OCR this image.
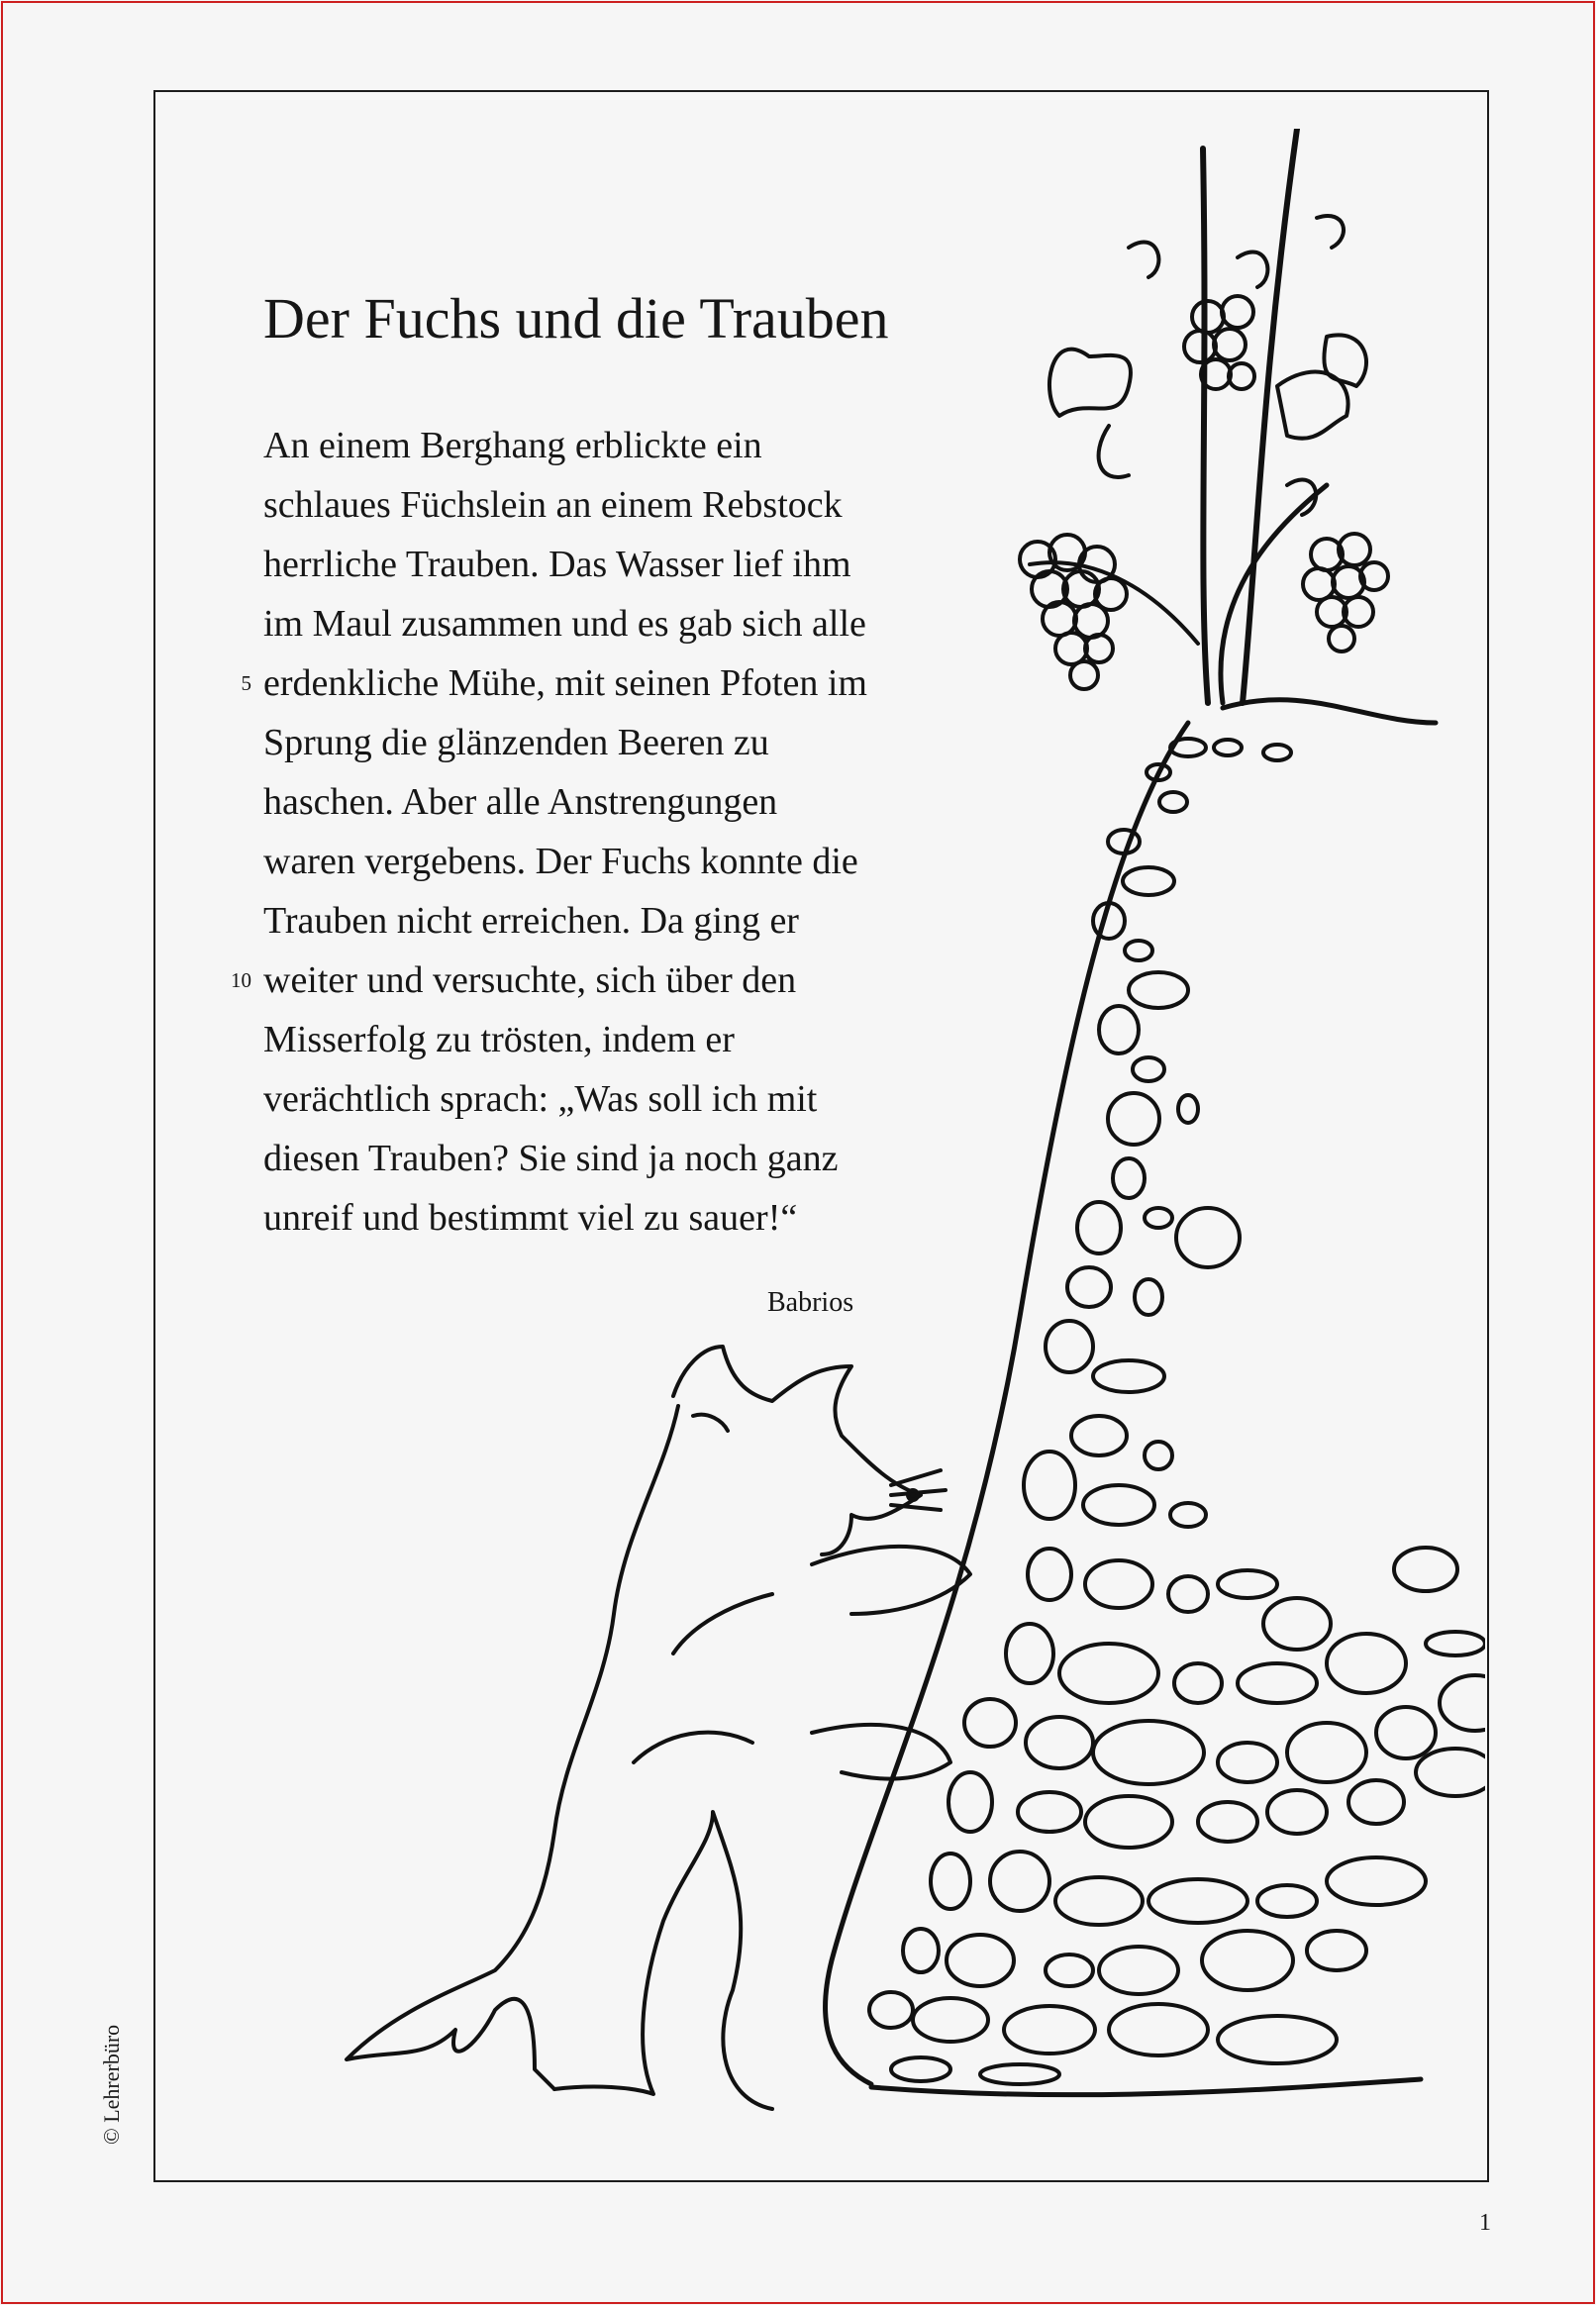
Der Fuchs und die Trauben
An einem Berghang erblickte ein
schlaues Füchslein an einem Rebstock
herrliche Trauben. Das Wasser lief ihm
im Maul zusammen und es gab sich alle
5 erdenkliche Mühe, mit seinen Pfoten im
Sprung die glänzenden Beeren zu
haschen. Aber alle Anstrengungen
waren vergebens. Der Fuchs konnte die
Trauben nicht erreichen. Da ging er
10 weiter und versuchte, sich über den
Misserfolg zu trösten, indem er
verächtlich sprach: „Was soll ich mit
diesen Trauben? Sie sind ja noch ganz
unreif und bestimmt viel zu sauer!“
Babrios
© Lehrerbüro
1
